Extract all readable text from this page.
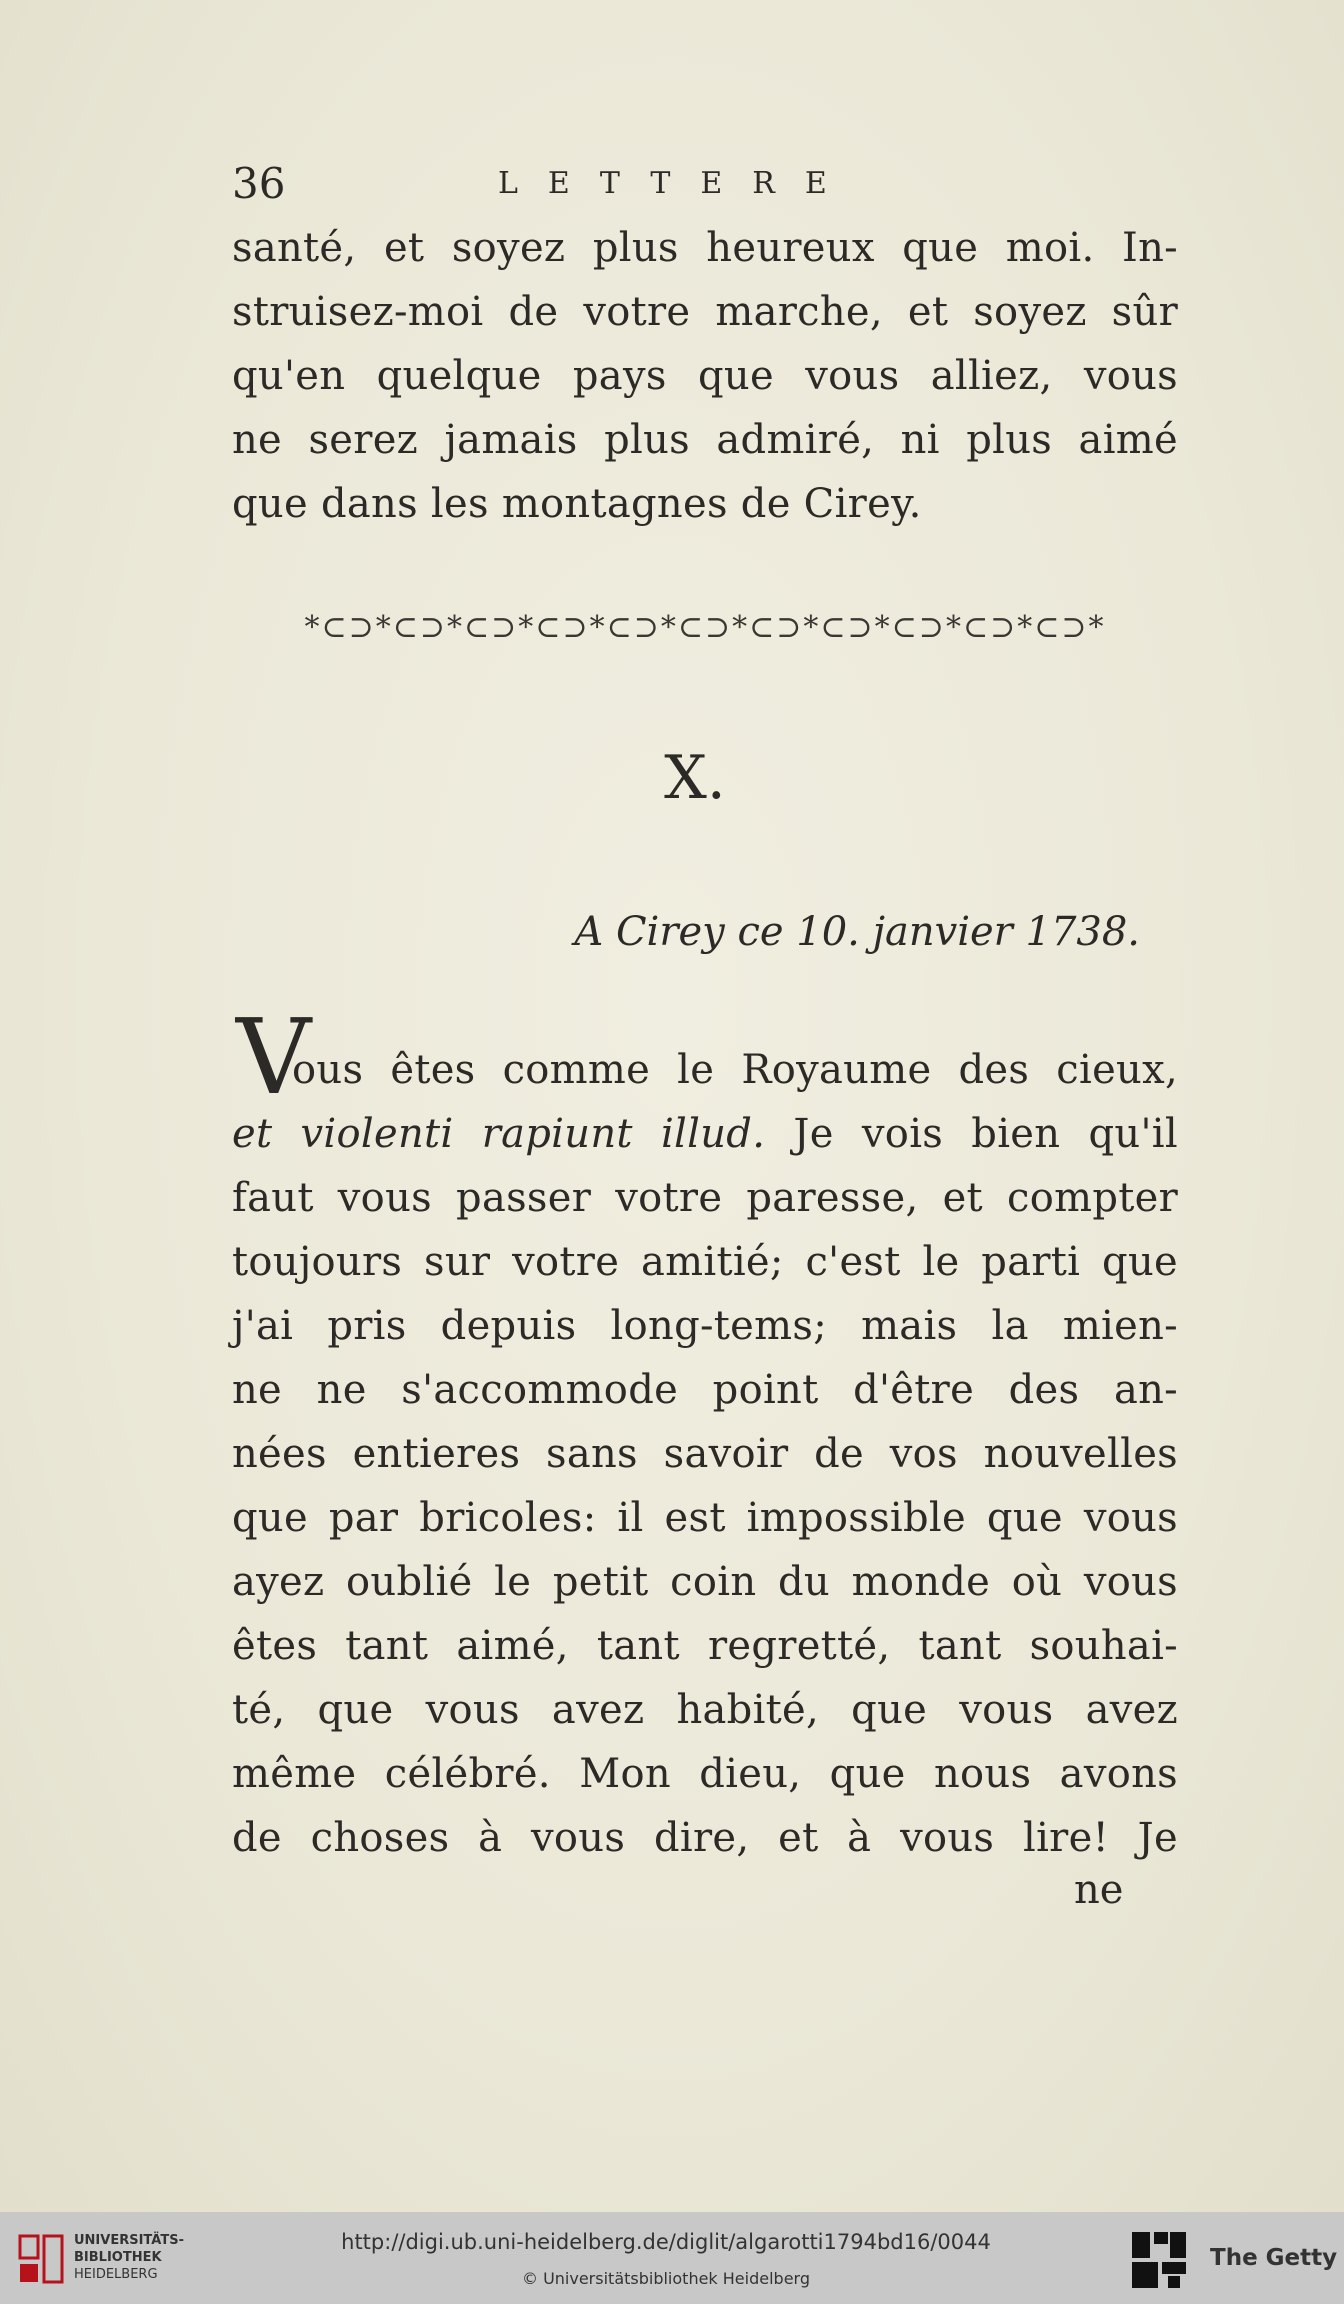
36	LETTERE
santé, et soyez plus heureux que moi. In-
struisez-moi de votre marche, et soyez sûr
qu'en quelque pays que vous alliez, vous
ne serez jamais plus admiré, ni plus aimé
que dans les montagnes de Cirey.
*⊂⊃*⊂⊃*⊂⊃*⊂⊃*⊂⊃*⊂⊃*⊂⊃*⊂⊃*⊂⊃*⊂⊃*⊂⊃*
X.
A Cirey ce 10. janvier 1738.
V
ous êtes comme le Royaume des cieux,
et violenti rapiunt illud. Je vois bien qu'il
faut vous passer votre paresse, et compter
toujours sur votre amitié; c'est le parti que
j'ai pris depuis long-tems; mais la mien-
ne ne s'accommode point d'être des an-
nées entieres sans savoir de vos nouvelles
que par bricoles: il est impossible que vous
ayez oublié le petit coin du monde où vous
êtes tant aimé, tant regretté, tant souhai-
té, que vous avez habité, que vous avez
même célébré. Mon dieu, que nous avons
de choses à vous dire, et à vous lire! Je
ne
UNIVERSITÄTS-
BIBLIOTHEK
HEIDELBERG
http://digi.ub.uni-heidelberg.de/diglit/algarotti1794bd16/0044
© Universitätsbibliothek Heidelberg
The Getty
